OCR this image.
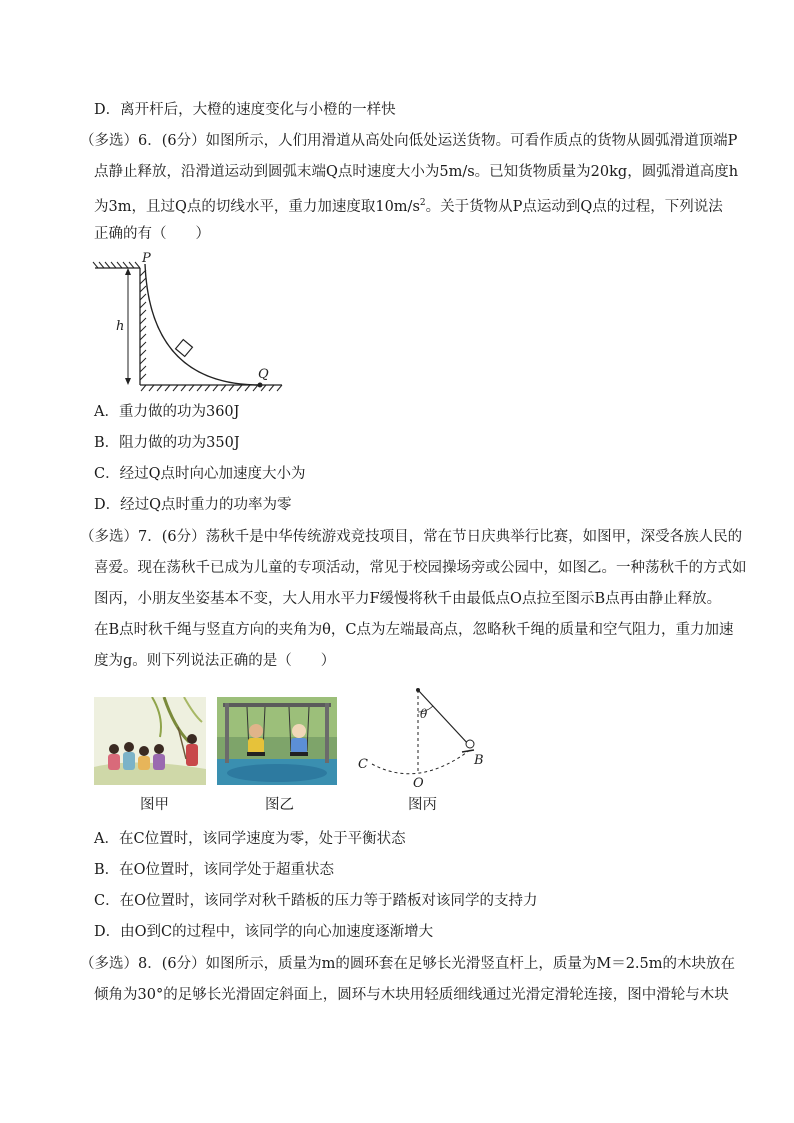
D．离开杆后，大橙的速度变化与小橙的一样快
（多选）6．(6分）如图所示，人们用滑道从高处向低处运送货物。可看作质点的货物从圆弧滑道顶端P
点静止释放，沿滑道运动到圆弧末端Q点时速度大小为5m/s。已知货物质量为20kg，圆弧滑道高度h
为3m，且过Q点的切线水平，重力加速度取$10m/s^2$。关于货物从P点运动到Q点的过程，下列说法
正确的有（　　）
P
Q
h
A．重力做的功为360J
B．阻力做的功为350J
C．经过Q点时向心加速度大小为
D．经过Q点时重力的功率为零
（多选）7．(6分）荡秋千是中华传统游戏竞技项目，常在节日庆典举行比赛，如图甲，深受各族人民的
喜爱。现在荡秋千已成为儿童的专项活动，常见于校园操场旁或公园中，如图乙。一种荡秋千的方式如
图丙，小朋友坐姿基本不变，大人用水平力F缓慢将秋千由最低点O点拉至图示B点再由静止释放。
在B点时秋千绳与竖直方向的夹角为θ，C点为左端最高点，忽略秋千绳的质量和空气阻力，重力加速
度为g。则下列说法正确的是（　　）
θ
B
C
O
图甲	图乙	图丙
A．在C位置时，该同学速度为零，处于平衡状态
B．在O位置时，该同学处于超重状态
C．在O位置时，该同学对秋千踏板的压力等于踏板对该同学的支持力
D．由O到C的过程中，该同学的向心加速度逐渐增大
（多选）8．(6分）如图所示，质量为m的圆环套在足够长光滑竖直杆上，质量为M＝2.5m的木块放在
倾角为30°的足够长光滑固定斜面上，圆环与木块用轻质细线通过光滑定滑轮连接，图中滑轮与木块
